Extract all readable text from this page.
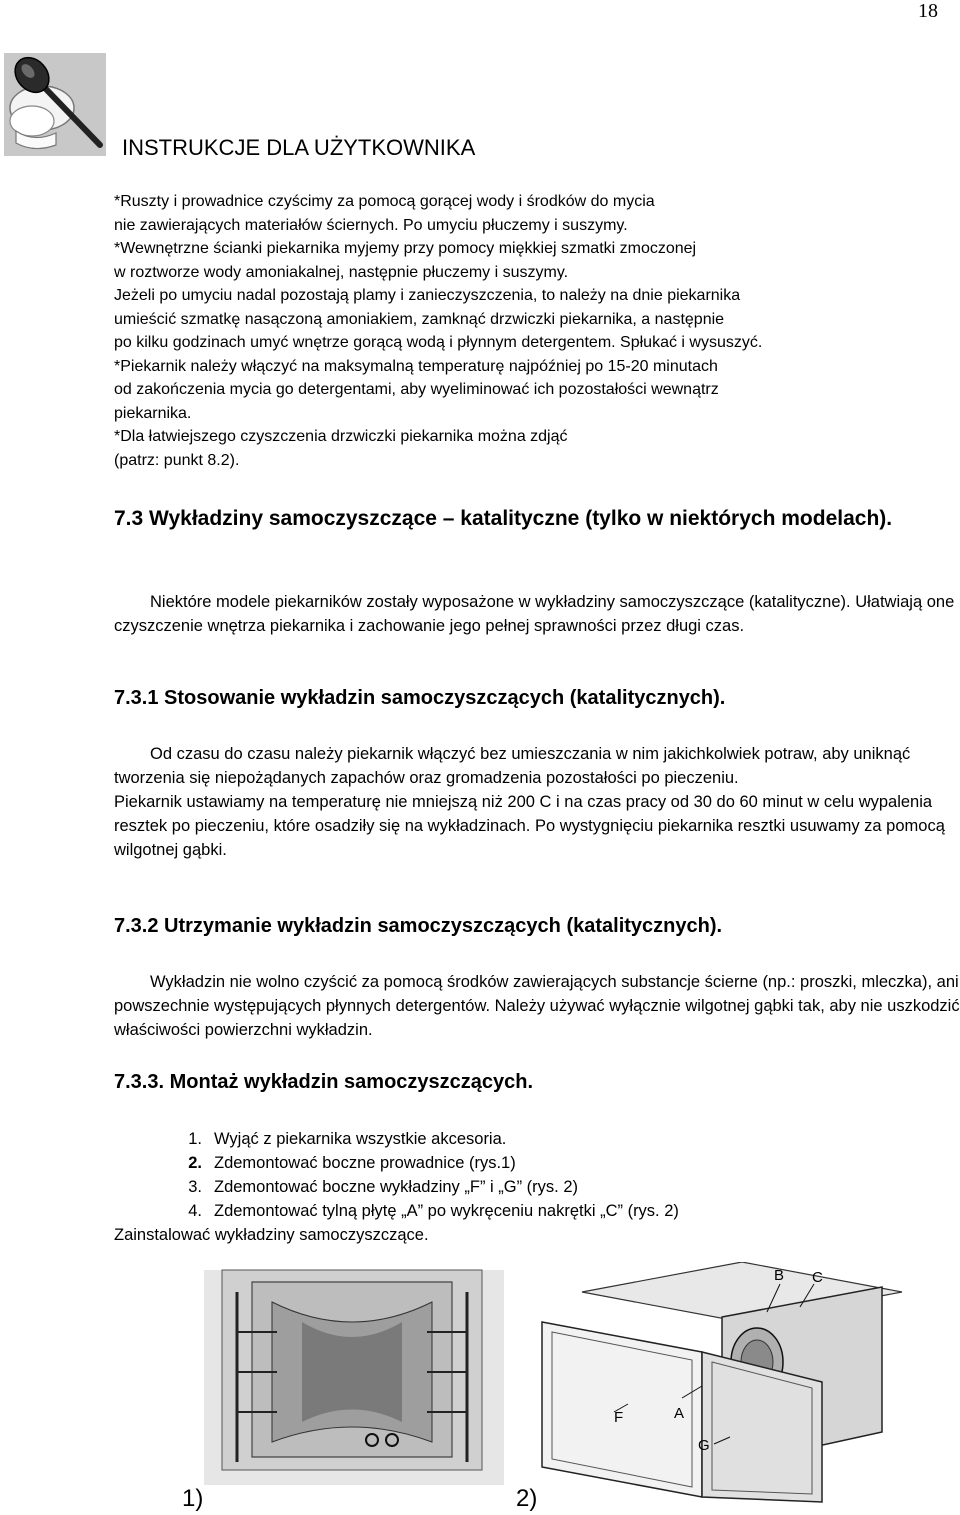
18
INSTRUKCJE DLA UŻYTKOWNIKA

*Ruszty i prowadnice czyścimy za pomocą gorącej wody i środków do mycia

nie zawierających materiałów ściernych. Po umyciu płuczemy i suszymy.

*Wewnętrzne ścianki piekarnika myjemy przy pomocy miękkiej szmatki zmoczonej

w roztworze wody amoniakalnej, następnie płuczemy i suszymy.

Jeżeli po umyciu nadal pozostają plamy i zanieczyszczenia, to należy na dnie piekarnika

umieścić szmatkę nasączoną amoniakiem, zamknąć drzwiczki piekarnika, a następnie

po kilku godzinach umyć wnętrze gorącą wodą i płynnym detergentem. Spłukać i wysuszyć.

*Piekarnik należy włączyć na maksymalną temperaturę najpóźniej po 15-20 minutach

od zakończenia mycia go detergentami, aby wyeliminować ich pozostałości wewnątrz

piekarnika.

*Dla łatwiejszego czyszczenia drzwiczki piekarnika można zdjąć

(patrz: punkt 8.2).

7.3 Wykładziny samoczyszczące – katalityczne (tylko w niektórych modelach).

Niektóre modele piekarników zostały wyposażone w wykładziny samoczyszczące (katalityczne). Ułatwiają one czyszczenie wnętrza piekarnika i zachowanie jego pełnej sprawności przez długi czas.

7.3.1 Stosowanie wykładzin samoczyszczących (katalitycznych).

Od czasu do czasu należy piekarnik włączyć bez umieszczania w nim jakichkolwiek potraw, aby uniknąć tworzenia się niepożądanych zapachów oraz gromadzenia pozostałości po pieczeniu.

Piekarnik ustawiamy na temperaturę nie mniejszą niż 200 C i na czas pracy od 30 do 60 minut w celu wypalenia resztek po pieczeniu, które osadziły się na wykładzinach. Po wystygnięciu piekarnika resztki usuwamy za pomocą wilgotnej gąbki.

7.3.2 Utrzymanie wykładzin samoczyszczących (katalitycznych).

Wykładzin nie wolno czyścić za pomocą środków zawierających substancje ścierne (np.: proszki, mleczka), ani powszechnie występujących płynnych detergentów. Należy używać wyłącznie wilgotnej gąbki tak, aby nie uszkodzić właściwości powierzchni wykładzin.

7.3.3. Montaż wykładzin samoczyszczących.
1. Wyjąć z piekarnika wszystkie akcesoria.
2. Zdemontować boczne prowadnice (rys.1)
3. Zdemontować boczne wykładziny „F” i „G” (rys. 2)
4. Zdemontować tylną płytę „A” po wykręceniu nakrętki „C” (rys. 2)
Zainstalować wykładziny samoczyszczące.
1)
B C
F	A
G
2)
